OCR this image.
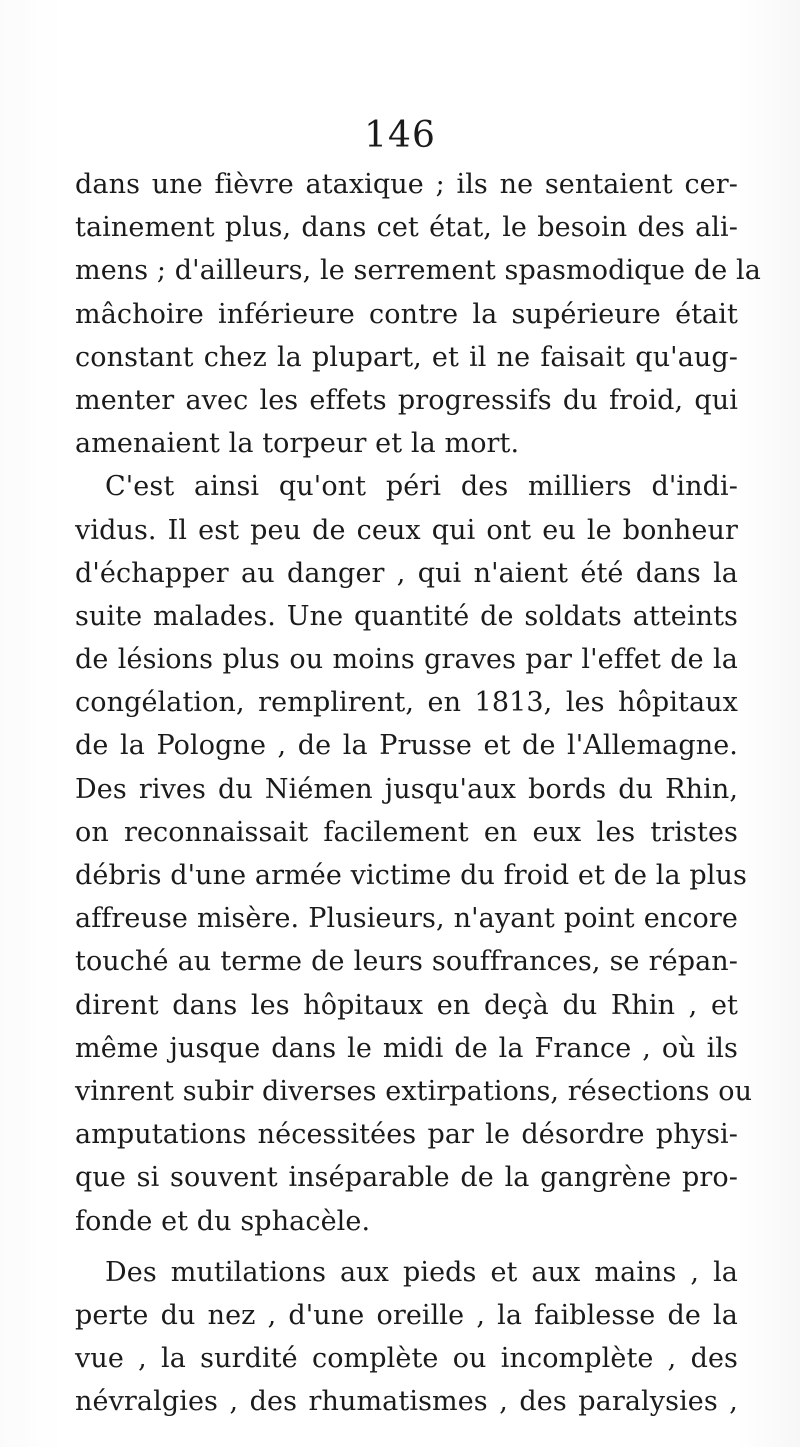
146
dans une fièvre ataxique ; ils ne sentaient cer-
tainement plus, dans cet état, le besoin des ali-
mens ; d'ailleurs, le serrement spasmodique de la
mâchoire inférieure contre la supérieure était
constant chez la plupart, et il ne faisait qu'aug-
menter avec les effets progressifs du froid, qui
amenaient la torpeur et la mort.
C'est ainsi qu'ont péri des milliers d'indi-
vidus. Il est peu de ceux qui ont eu le bonheur
d'échapper au danger , qui n'aient été dans la
suite malades. Une quantité de soldats atteints
de lésions plus ou moins graves par l'effet de la
congélation, remplirent, en 1813, les hôpitaux
de la Pologne , de la Prusse et de l'Allemagne.
Des rives du Niémen jusqu'aux bords du Rhin,
on reconnaissait facilement en eux les tristes
débris d'une armée victime du froid et de la plus
affreuse misère. Plusieurs, n'ayant point encore
touché au terme de leurs souffrances, se répan-
dirent dans les hôpitaux en deçà du Rhin , et
même jusque dans le midi de la France , où ils
vinrent subir diverses extirpations, résections ou
amputations nécessitées par le désordre physi-
que si souvent inséparable de la gangrène pro-
fonde et du sphacèle.
Des mutilations aux pieds et aux mains , la
perte du nez , d'une oreille , la faiblesse de la
vue , la surdité complète ou incomplète , des
névralgies , des rhumatismes , des paralysies ,
